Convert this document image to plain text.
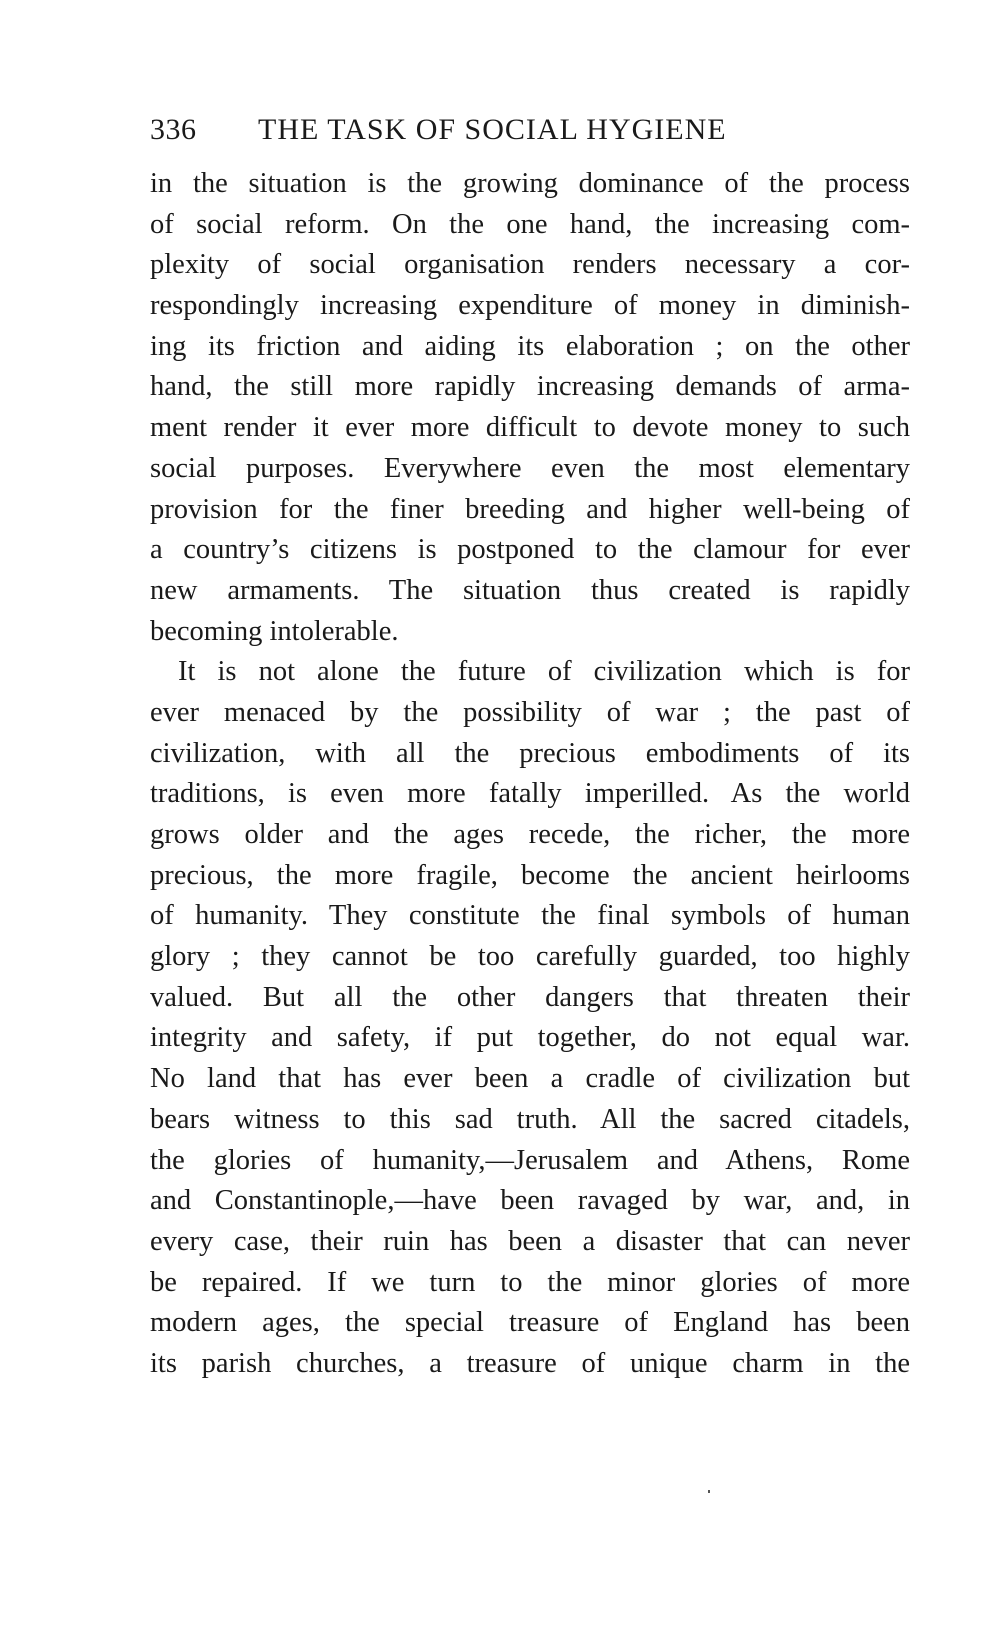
336 THE TASK OF SOCIAL HYGIENE
in the situation is the growing dominance of the process
of social reform. On the one hand, the increasing com-
plexity of social organisation renders necessary a cor-
respondingly increasing expenditure of money in diminish-
ing its friction and aiding its elaboration ; on the other
hand, the still more rapidly increasing demands of arma-
ment render it ever more difficult to devote money to such
social purposes. Everywhere even the most elementary
provision for the finer breeding and higher well-being of
a country’s citizens is postponed to the clamour for ever
new armaments. The situation thus created is rapidly
becoming intolerable.
It is not alone the future of civilization which is for
ever menaced by the possibility of war ; the past of
civilization, with all the precious embodiments of its
traditions, is even more fatally imperilled. As the world
grows older and the ages recede, the richer, the more
precious, the more fragile, become the ancient heirlooms
of humanity. They constitute the final symbols of human
glory ; they cannot be too carefully guarded, too highly
valued. But all the other dangers that threaten their
integrity and safety, if put together, do not equal war.
No land that has ever been a cradle of civilization but
bears witness to this sad truth. All the sacred citadels,
the glories of humanity,—Jerusalem and Athens, Rome
and Constantinople,—have been ravaged by war, and, in
every case, their ruin has been a disaster that can never
be repaired. If we turn to the minor glories of more
modern ages, the special treasure of England has been
its parish churches, a treasure of unique charm in the
